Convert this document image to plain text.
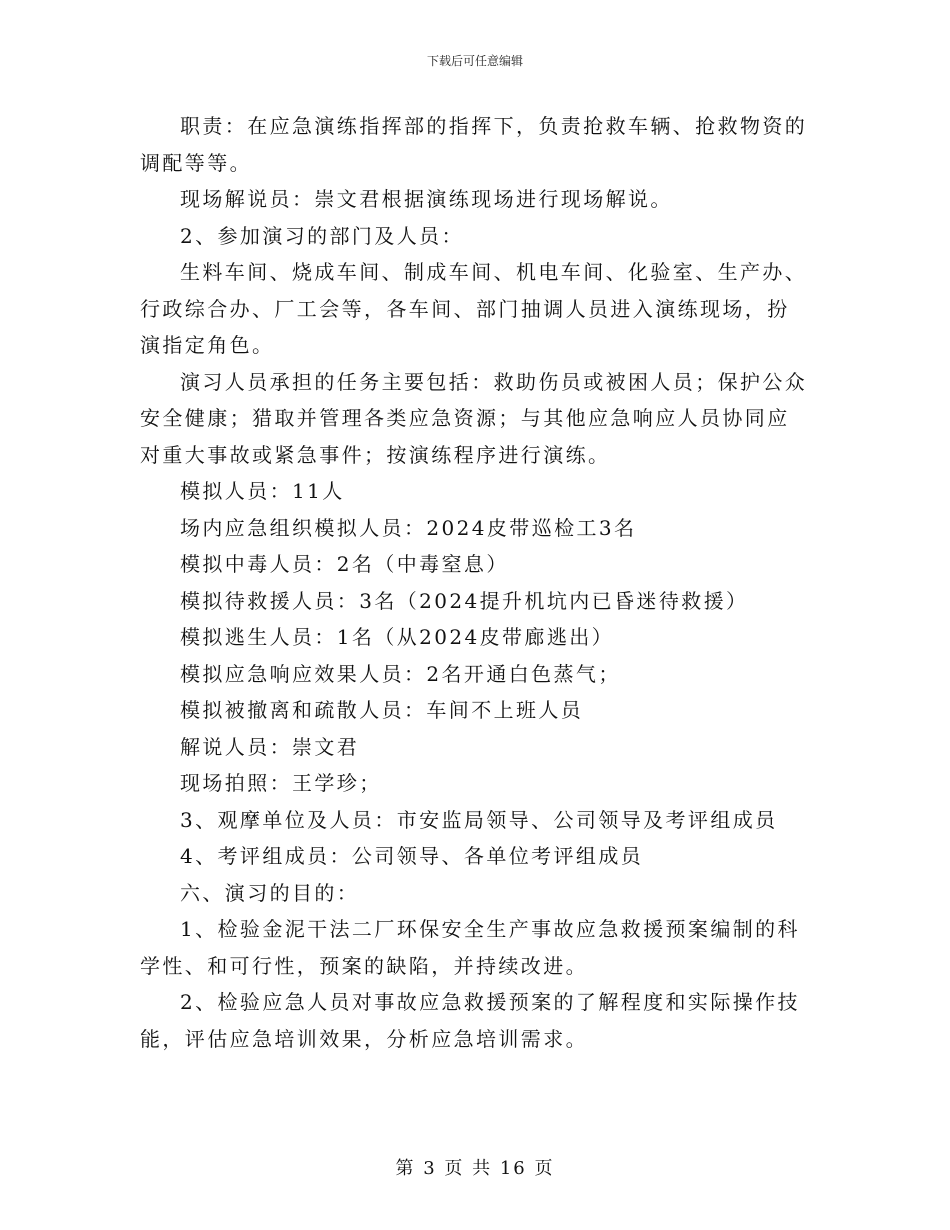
下载后可任意编辑

职责：在应急演练指挥部的指挥下，负责抢救车辆、抢救物资的调配等等。

现场解说员：崇文君根据演练现场进行现场解说。

2、参加演习的部门及人员：

生料车间、烧成车间、制成车间、机电车间、化验室、生产办、行政综合办、厂工会等，各车间、部门抽调人员进入演练现场，扮演指定角色。

演习人员承担的任务主要包括：救助伤员或被困人员；保护公众安全健康；猎取并管理各类应急资源；与其他应急响应人员协同应对重大事故或紧急事件；按演练程序进行演练。

模拟人员：11人

场内应急组织模拟人员：2024皮带巡检工3名

模拟中毒人员：2名（中毒窒息）

模拟待救援人员：3名（2024提升机坑内已昏迷待救援）

模拟逃生人员：1名（从2024皮带廊逃出）

模拟应急响应效果人员：2名开通白色蒸气；

模拟被撤离和疏散人员：车间不上班人员

解说人员：崇文君

现场拍照：王学珍；

3、观摩单位及人员：市安监局领导、公司领导及考评组成员

4、考评组成员：公司领导、各单位考评组成员

六、演习的目的：

1、检验金泥干法二厂环保安全生产事故应急救援预案编制的科学性、和可行性，预案的缺陷，并持续改进。

2、检验应急人员对事故应急救援预案的了解程度和实际操作技能，评估应急培训效果，分析应急培训需求。

第 3 页 共 16 页
